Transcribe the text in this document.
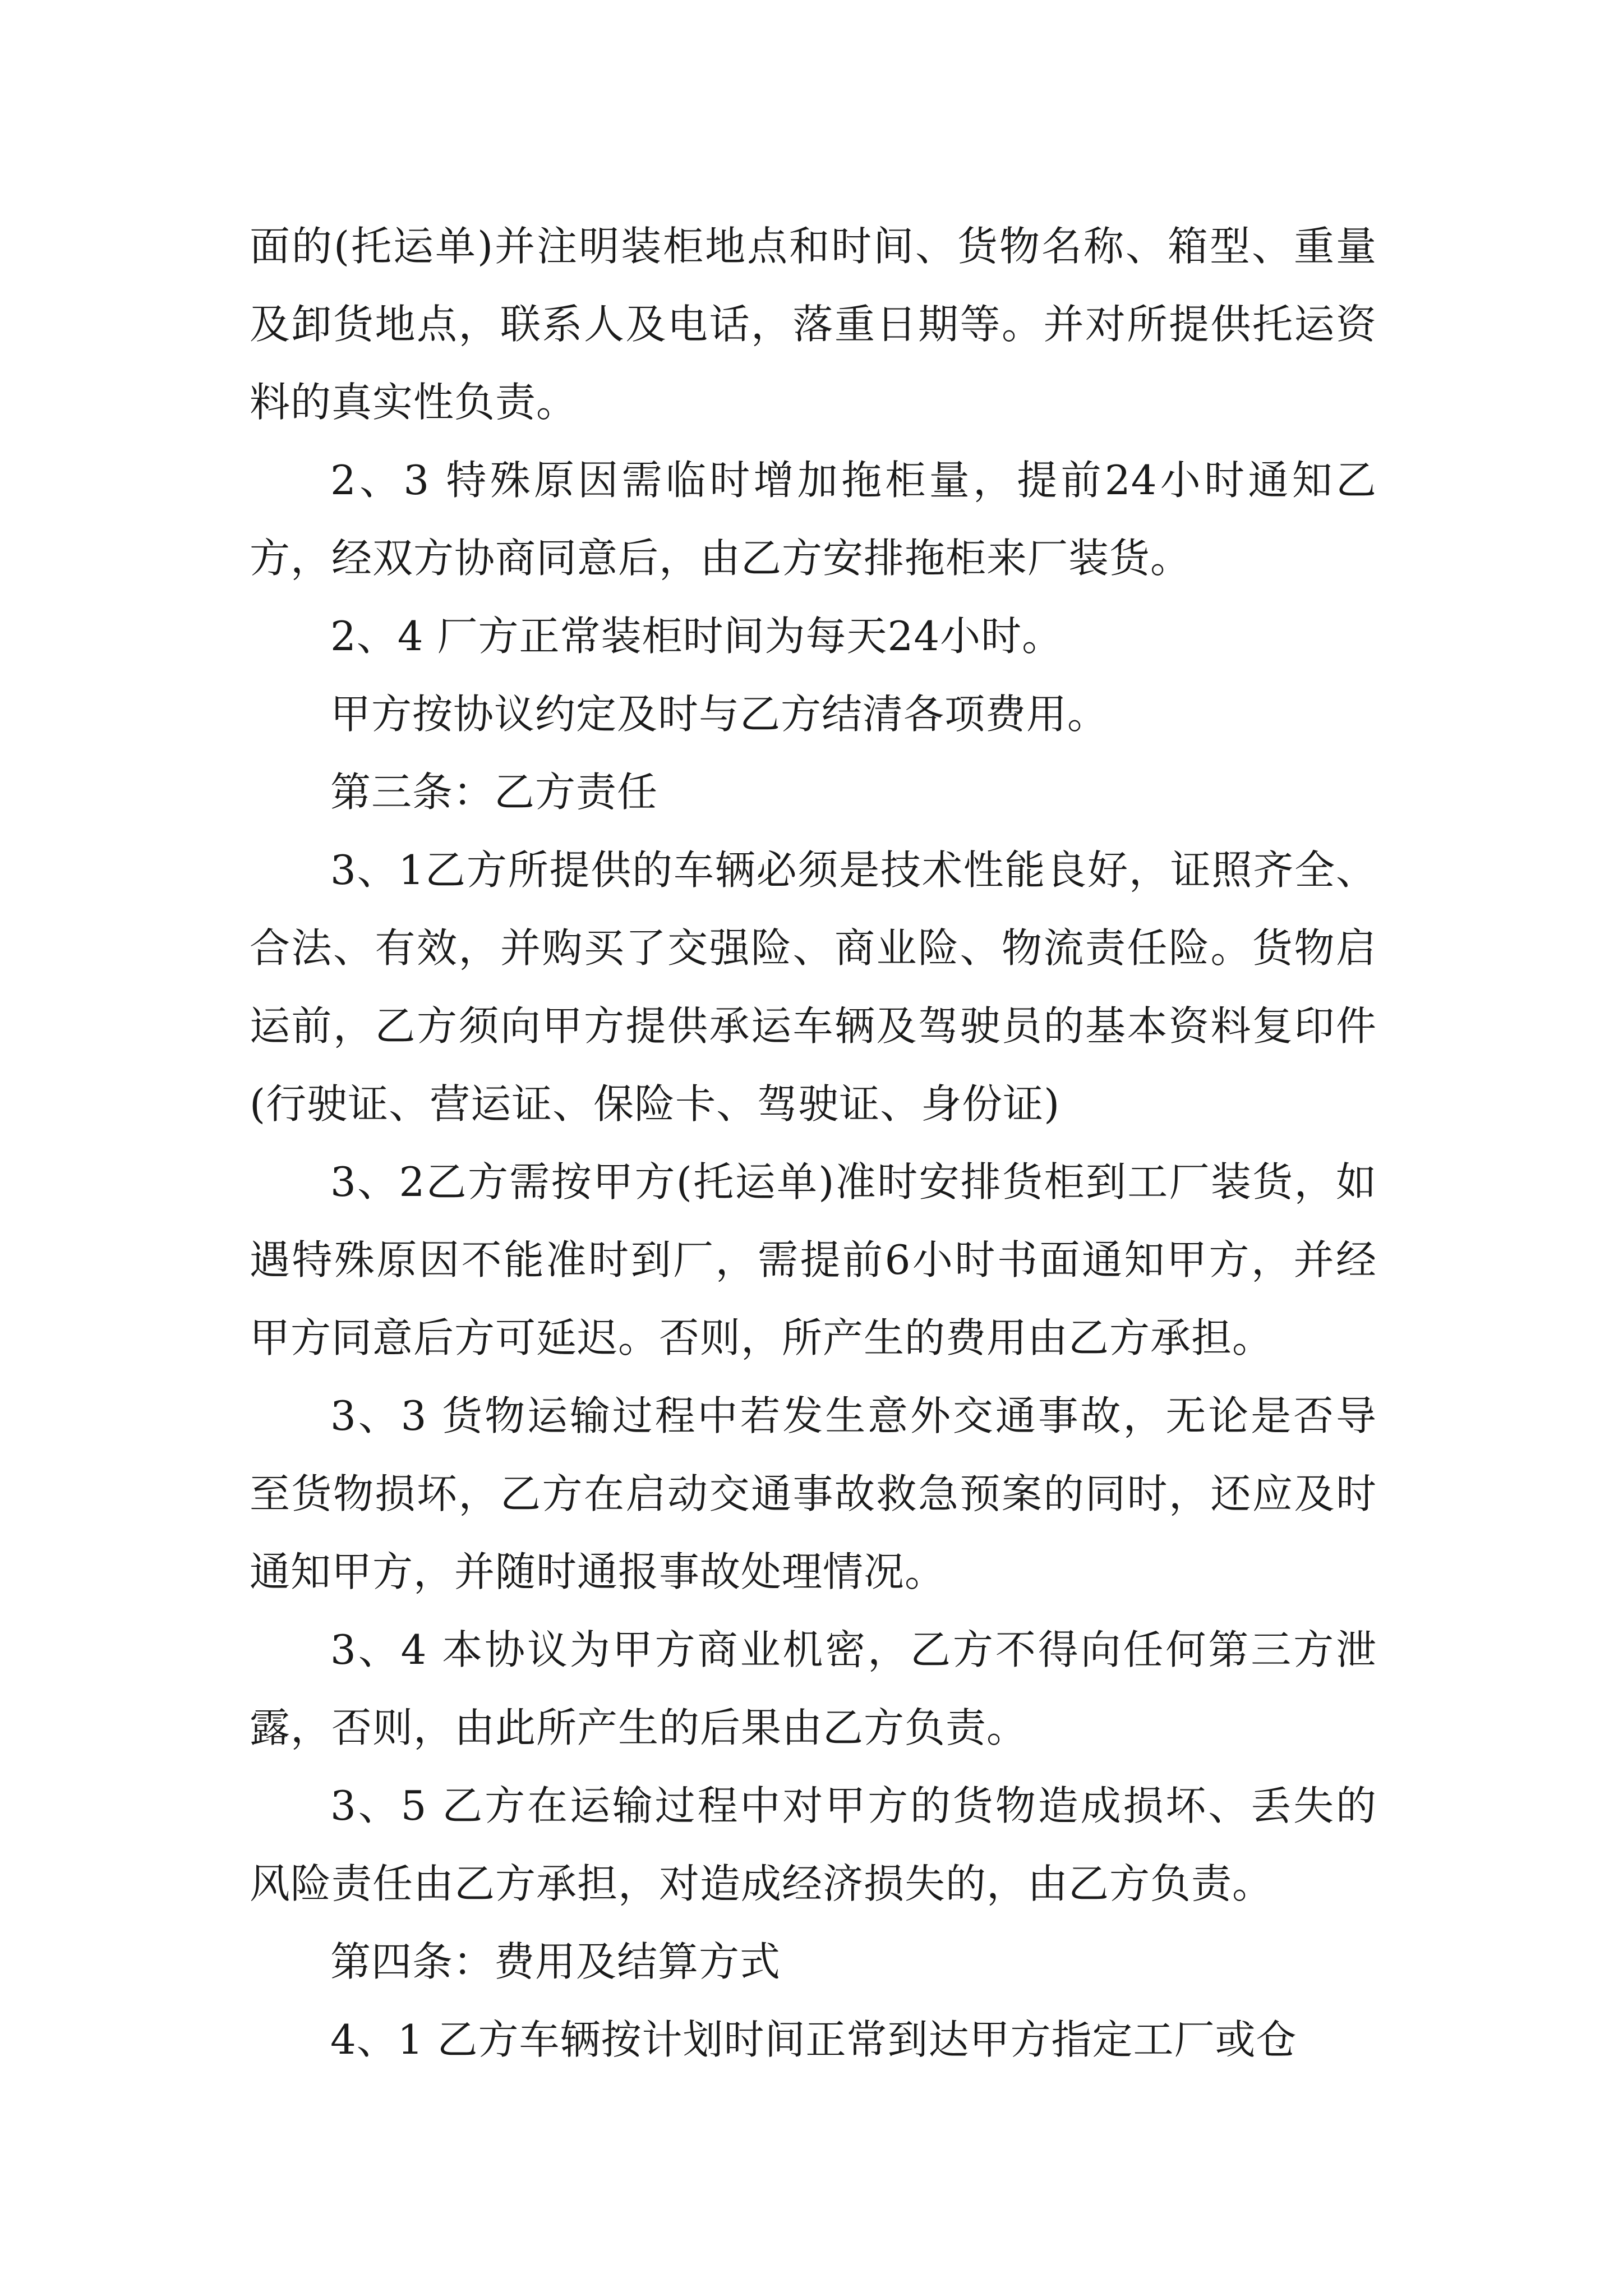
面的(托运单)并注明装柜地点和时间、货物名称、箱型、重量及卸货地点，联系人及电话，落重日期等。并对所提供托运资料的真实性负责。

2、3 特殊原因需临时增加拖柜量，提前24小时通知乙方，经双方协商同意后，由乙方安排拖柜来厂装货。

2、4 厂方正常装柜时间为每天24小时。

甲方按协议约定及时与乙方结清各项费用。

第三条：乙方责任

3、1乙方所提供的车辆必须是技术性能良好，证照齐全、合法、有效，并购买了交强险、商业险、物流责任险。货物启运前，乙方须向甲方提供承运车辆及驾驶员的基本资料复印件(行驶证、营运证、保险卡、驾驶证、身份证)

3、2乙方需按甲方(托运单)准时安排货柜到工厂装货，如遇特殊原因不能准时到厂，需提前6小时书面通知甲方，并经甲方同意后方可延迟。否则，所产生的费用由乙方承担。

3、3 货物运输过程中若发生意外交通事故，无论是否导至货物损坏，乙方在启动交通事故救急预案的同时，还应及时通知甲方，并随时通报事故处理情况。

3、4 本协议为甲方商业机密，乙方不得向任何第三方泄露，否则，由此所产生的后果由乙方负责。

3、5 乙方在运输过程中对甲方的货物造成损坏、丢失的风险责任由乙方承担，对造成经济损失的，由乙方负责。

第四条：费用及结算方式

4、1 乙方车辆按计划时间正常到达甲方指定工厂或仓
